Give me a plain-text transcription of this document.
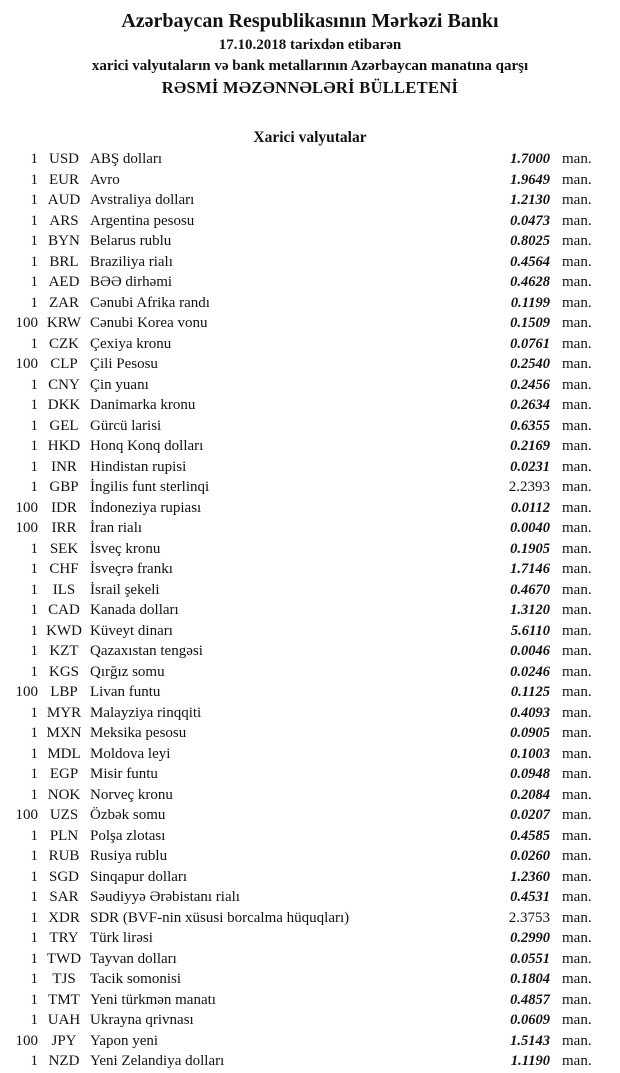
Azərbaycan Respublikasının Mərkəzi Bankı
17.10.2018 tarixdən etibarən
xarici valyutaların və bank metallarının Azərbaycan manatına qarşı
RƏSMİ MƏZƏNNƏLƏRİ BÜLLETENİ
Xarici valyutalar
1 USD ABŞ dolları	1.7000 man.
1 EUR Avro	1.9649 man.
1 AUD Avstraliya dolları	1.2130 man.
1 ARS Argentina pesosu	0.0473 man.
1 BYN Belarus rublu	0.8025 man.
1 BRL Braziliya rialı	0.4564 man.
1 AED BƏƏ dirhəmi	0.4628 man.
1 ZAR Cənubi Afrika randı	0.1199 man.
100 KRW Cənubi Korea vonu	0.1509 man.
1 CZK Çexiya kronu	0.0761 man.
100 CLP Çili Pesosu	0.2540 man.
1 CNY Çin yuanı	0.2456 man.
1 DKK Danimarka kronu	0.2634 man.
1 GEL Gürcü larisi	0.6355 man.
1 HKD Honq Konq dolları	0.2169 man.
1 INR Hindistan rupisi	0.0231 man.
1 GBP İngilis funt sterlinqi	2.2393 man.
100 IDR İndoneziya rupiası	0.0112 man.
100 IRR İran rialı	0.0040 man.
1 SEK İsveç kronu	0.1905 man.
1 CHF İsveçrə frankı	1.7146 man.
1 ILS İsrail şekeli	0.4670 man.
1 CAD Kanada dolları	1.3120 man.
1 KWD Küveyt dinarı	5.6110 man.
1 KZT Qazaxıstan tengəsi	0.0046 man.
1 KGS Qırğız somu	0.0246 man.
100 LBP Livan funtu	0.1125 man.
1 MYR Malayziya rinqqiti	0.4093 man.
1 MXN Meksika pesosu	0.0905 man.
1 MDL Moldova leyi	0.1003 man.
1 EGP Misir funtu	0.0948 man.
1 NOK Norveç kronu	0.2084 man.
100 UZS Özbək somu	0.0207 man.
1 PLN Polşa zlotası	0.4585 man.
1 RUB Rusiya rublu	0.0260 man.
1 SGD Sinqapur dolları	1.2360 man.
1 SAR Səudiyyə Ərəbistanı rialı	0.4531 man.
1 XDR SDR (BVF-nin xüsusi borcalma hüquqları)	2.3753 man.
1 TRY Türk lirəsi	0.2990 man.
1 TWD Tayvan dolları	0.0551 man.
1 TJS Tacik somonisi	0.1804 man.
1 TMT Yeni türkmən manatı	0.4857 man.
1 UAH Ukrayna qrivnası	0.0609 man.
100 JPY Yapon yeni	1.5143 man.
1 NZD Yeni Zelandiya dolları	1.1190 man.
